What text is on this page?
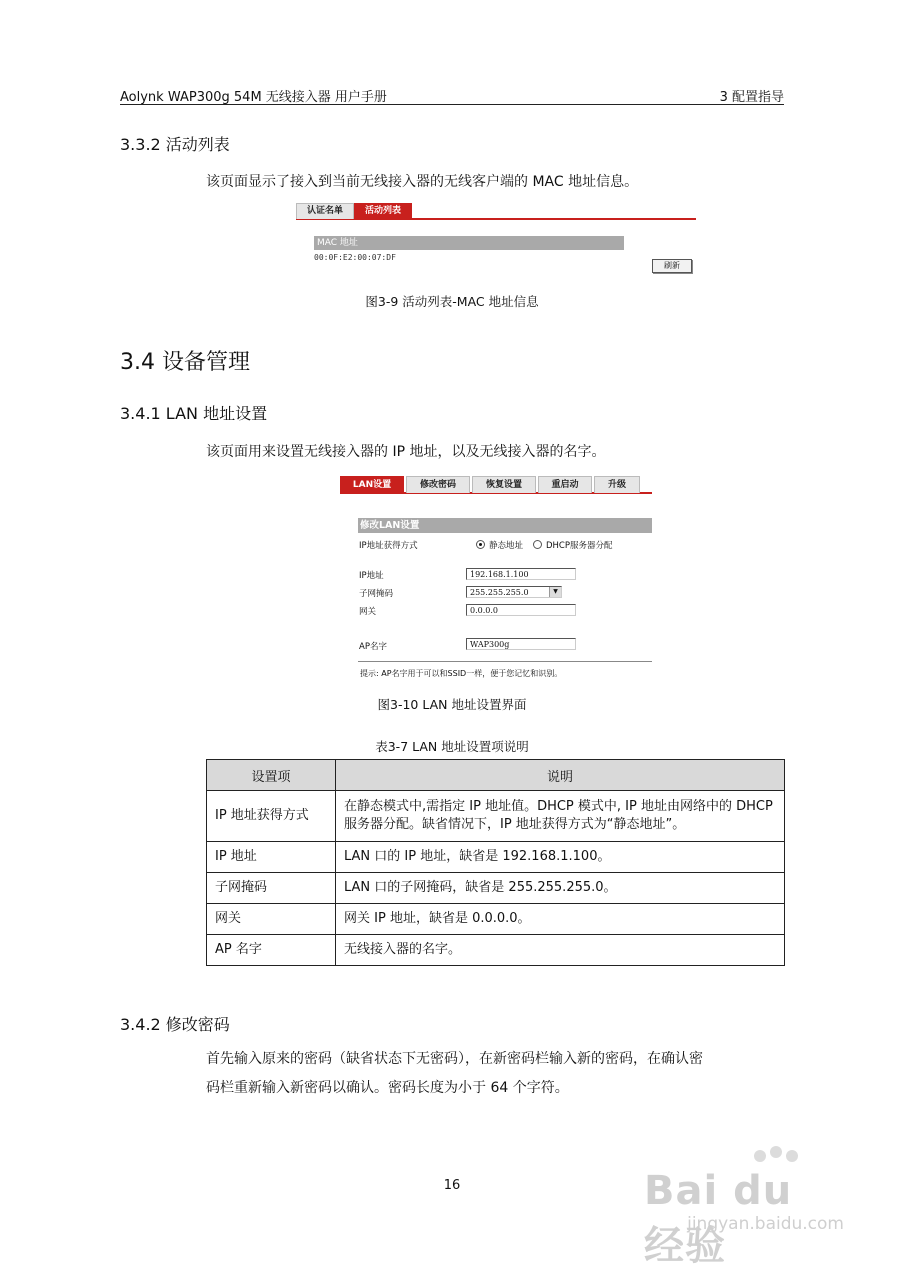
Aolynk WAP300g 54M 无线接入器 用户手册	3 配置指导
3.3.2 活动列表
该页面显示了接入到当前无线接入器的无线客户端的 MAC 地址信息。
认证名单	活动列表
MAC 地址
00:0F:E2:00:07:DF
刷新
图3-9 活动列表-MAC 地址信息
3.4 设备管理
3.4.1 LAN 地址设置
该页面用来设置无线接入器的 IP 地址，以及无线接入器的名字。
LAN设置	修改密码	恢复设置	重启动	升级
修改LAN设置
IP地址获得方式	静态地址	DHCP服务器分配
IP地址	192.168.1.100
子网掩码	255.255.255.0	▼
网关	0.0.0.0
AP名字	WAP300g
提示: AP名字用于可以和SSID一样，便于您记忆和识别。
图3-10 LAN 地址设置界面
表3-7 LAN 地址设置项说明
设置项	说明
IP 地址获得方式	在静态模式中,需指定 IP 地址值。DHCP 模式中, IP 地址由网络中的 DHCP 服务器分配。缺省情况下，IP 地址获得方式为“静态地址”。
IP 地址	LAN 口的 IP 地址，缺省是 192.168.1.100。
子网掩码	LAN 口的子网掩码，缺省是 255.255.255.0。
网关	网关 IP 地址，缺省是 0.0.0.0。
AP 名字	无线接入器的名字。
3.4.2 修改密码
首先输入原来的密码（缺省状态下无密码），在新密码栏输入新的密码，在确认密
码栏重新输入新密码以确认。密码长度为小于 64 个字符。
16	Bai du 经验
jingyan.baidu.com
